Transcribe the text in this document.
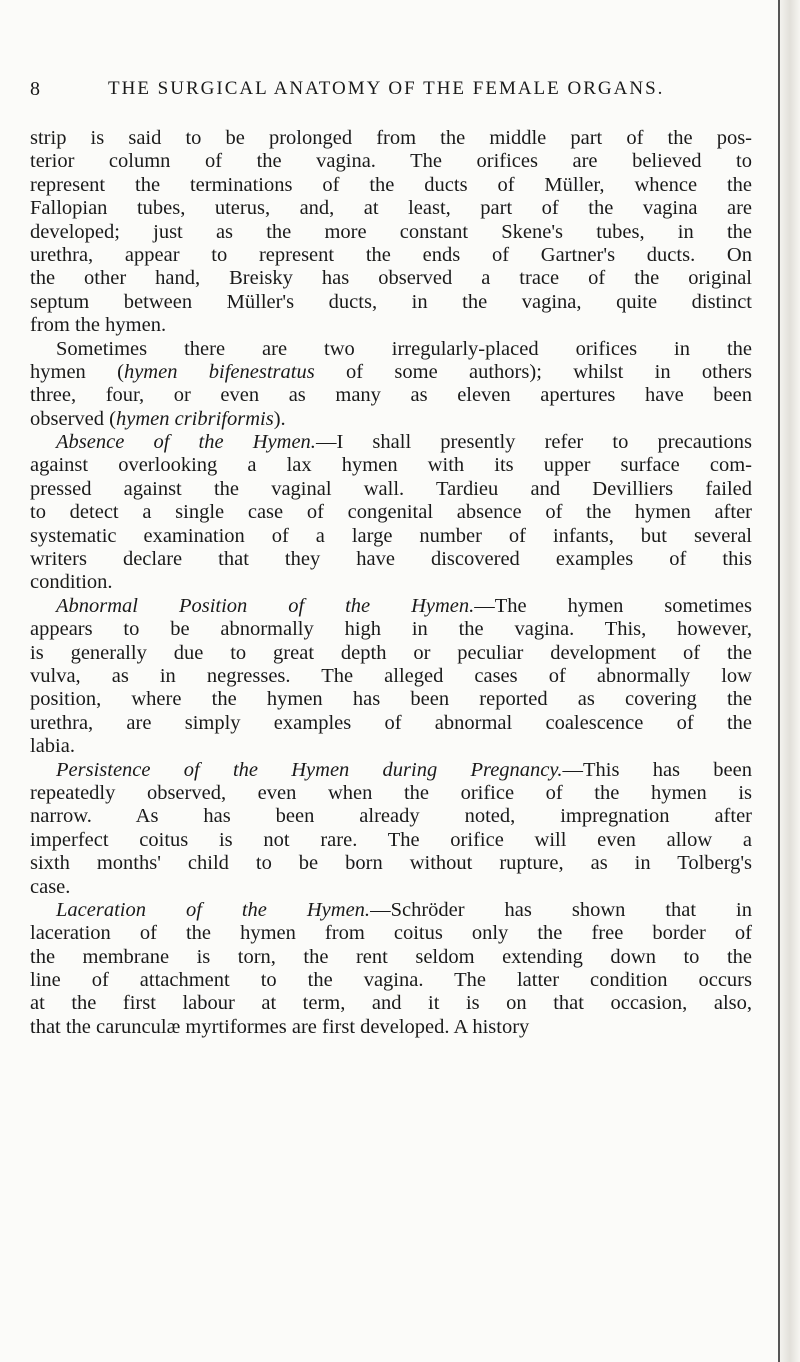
8	THE SURGICAL ANATOMY OF THE FEMALE ORGANS.
strip is said to be prolonged from the middle part of the pos-
terior column of the vagina. The orifices are believed to
represent the terminations of the ducts of Müller, whence the
Fallopian tubes, uterus, and, at least, part of the vagina are
developed; just as the more constant Skene's tubes, in the
urethra, appear to represent the ends of Gartner's ducts. On
the other hand, Breisky has observed a trace of the original
septum between Müller's ducts, in the vagina, quite distinct
from the hymen.
Sometimes there are two irregularly-placed orifices in the
hymen (hymen bifenestratus of some authors); whilst in others
three, four, or even as many as eleven apertures have been
observed (hymen cribriformis).
Absence of the Hymen.—I shall presently refer to precautions
against overlooking a lax hymen with its upper surface com-
pressed against the vaginal wall. Tardieu and Devilliers failed
to detect a single case of congenital absence of the hymen after
systematic examination of a large number of infants, but several
writers declare that they have discovered examples of this
condition.
Abnormal Position of the Hymen.—The hymen sometimes
appears to be abnormally high in the vagina. This, however,
is generally due to great depth or peculiar development of the
vulva, as in negresses. The alleged cases of abnormally low
position, where the hymen has been reported as covering the
urethra, are simply examples of abnormal coalescence of the
labia.
Persistence of the Hymen during Pregnancy.—This has been
repeatedly observed, even when the orifice of the hymen is
narrow. As has been already noted, impregnation after
imperfect coitus is not rare. The orifice will even allow a
sixth months' child to be born without rupture, as in Tolberg's
case.
Laceration of the Hymen.—Schröder has shown that in
laceration of the hymen from coitus only the free border of
the membrane is torn, the rent seldom extending down to the
line of attachment to the vagina. The latter condition occurs
at the first labour at term, and it is on that occasion, also,
that the carunculæ myrtiformes are first developed. A history
